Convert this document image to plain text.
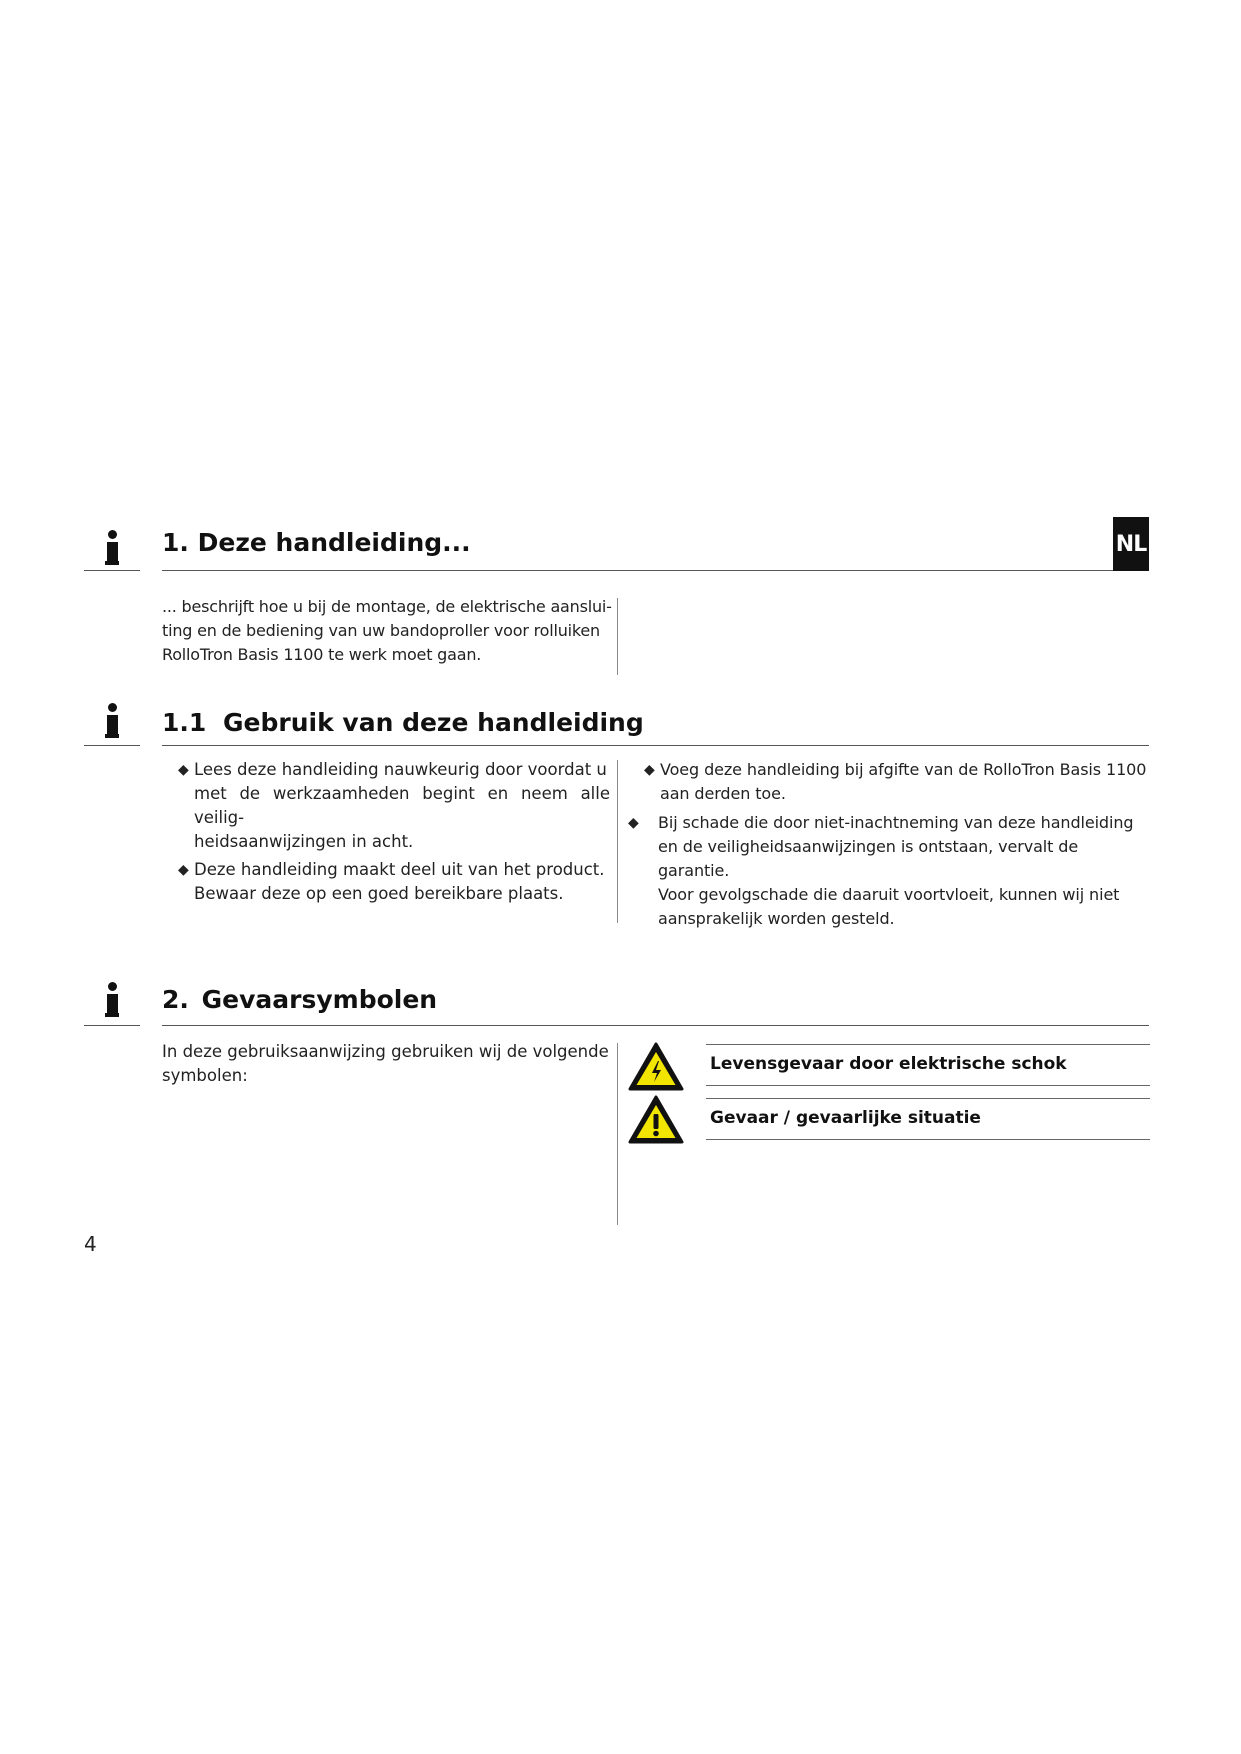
1. Deze handleiding...	NL
... beschrijft hoe u bij de montage, de elektrische aanslui-
ting en de bediening van uw bandoproller voor rolluiken
RolloTron Basis 1100 te werk moet gaan.
1.1 Gebruik van deze handleiding
◆ Lees deze handleiding nauwkeurig door voordat u
met de werkzaamheden begint en neem alle veilig-
heidsaanwijzingen in acht.
◆ Deze handleiding maakt deel uit van het product.
Bewaar deze op een goed bereikbare plaats.
◆ Voeg deze handleiding bij afgifte van de RolloTron Basis 1100
aan derden toe.
◆ Bij schade die door niet-inachtneming van deze handleiding
en de veiligheidsaanwijzingen is ontstaan, vervalt de garantie.
Voor gevolgschade die daaruit voortvloeit, kunnen wij niet
aansprakelijk worden gesteld.
2. Gevaarsymbolen
In deze gebruiksaanwijzing gebruiken wij de volgende
symbolen:
Levensgevaar door elektrische schok
Gevaar / gevaarlijke situatie
4
